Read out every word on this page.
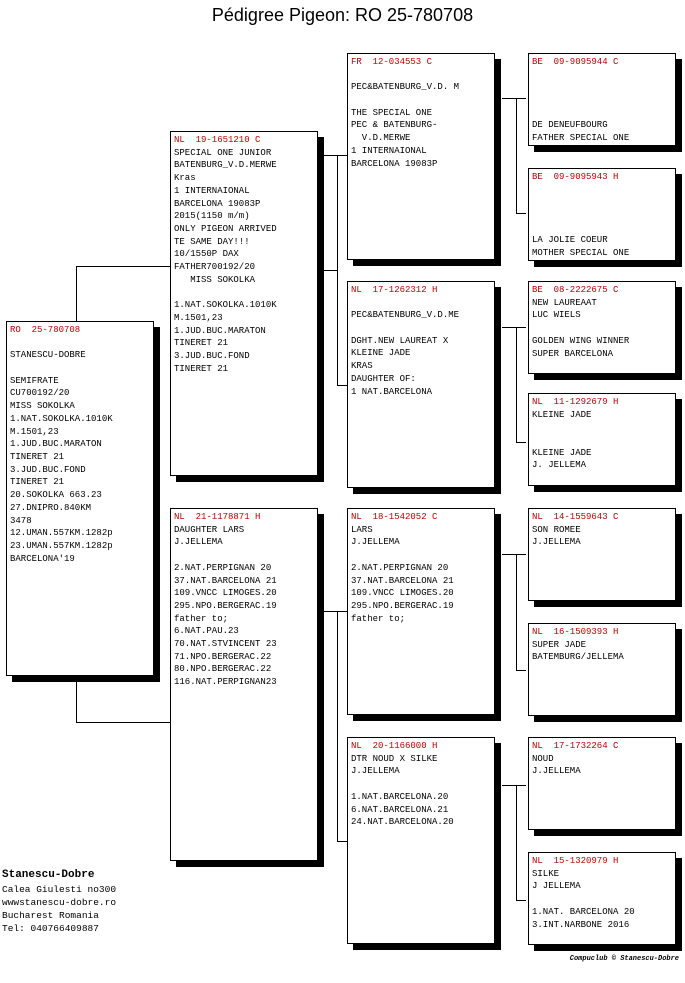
Pédigree Pigeon: RO 25-780708
RO  25-780708
STANESCU-DOBRE
SEMIFRATE
CU700192/20
MISS SOKOLKA
1.NAT.SOKOLKA.1010K
M.1501,23
1.JUD.BUC.MARATON
TINERET 21
3.JUD.BUC.FOND
TINERET 21
20.SOKOLKA 663.23
27.DNIPRO.840KM
3478
12.UMAN.557KM.1282p
23.UMAN.557KM.1282p
BARCELONA'19
NL  19-1651210 C
SPECIAL ONE JUNIOR
BATENBURG_V.D.MERWE
Kras
1 INTERNAIONAL
BARCELONA 19083P
2015(1150 m/m)
ONLY PIGEON ARRIVED
TE SAME DAY!!!
10/1550P DAX
FATHER700192/20
MISS SOKOLKA
1.NAT.SOKOLKA.1010K
M.1501,23
1.JUD.BUC.MARATON
TINERET 21
3.JUD.BUC.FOND
TINERET 21
NL  21-1178871 H
DAUGHTER LARS
J.JELLEMA
2.NAT.PERPIGNAN 20
37.NAT.BARCELONA 21
109.VNCC LIMOGES.20
295.NPO.BERGERAC.19
father to;
6.NAT.PAU.23
70.NAT.STVINCENT 23
71.NPO.BERGERAC.22
80.NPO.BERGERAC.22
116.NAT.PERPIGNAN23
FR  12-034553 C
PEC&BATENBURG_V.D. M
THE SPECIAL ONE
PEC & BATENBURG-
V.D.MERWE
1 INTERNAIONAL
BARCELONA 19083P
NL  17-1262312 H
PEC&BATENBURG_V.D.ME
DGHT.NEW LAUREAT X
KLEINE JADE
KRAS
DAUGHTER OF:
1 NAT.BARCELONA
NL  18-1542052 C
LARS
J.JELLEMA
2.NAT.PERPIGNAN 20
37.NAT.BARCELONA 21
109.VNCC LIMOGES.20
295.NPO.BERGERAC.19
father to;
NL  20-1166000 H
DTR NOUD X SILKE
J.JELLEMA
1.NAT.BARCELONA.20
6.NAT.BARCELONA.21
24.NAT.BARCELONA.20
BE  09-9095944 C
DE DENEUFBOURG
FATHER SPECIAL ONE
BE  09-9095943 H
LA JOLIE COEUR
MOTHER SPECIAL ONE
BE  08-2222675 C
NEW LAUREAAT
LUC WIELS
GOLDEN WING WINNER
SUPER BARCELONA
NL  11-1292679 H
KLEINE JADE
KLEINE JADE
J. JELLEMA
NL  14-1559643 C
SON ROMEE
J.JELLEMA
NL  16-1509393 H
SUPER JADE
BATEMBURG/JELLEMA
NL  17-1732264 C
NOUD
J.JELLEMA
NL  15-1320979 H
SILKE
J JELLEMA
1.NAT. BARCELONA 20
3.INT.NARBONE 2016
Stanescu-Dobre
Calea Giulesti no300
wwwstanescu-dobre.ro
Bucharest Romania
Tel: 040766409887
Compuclub © Stanescu-Dobre
